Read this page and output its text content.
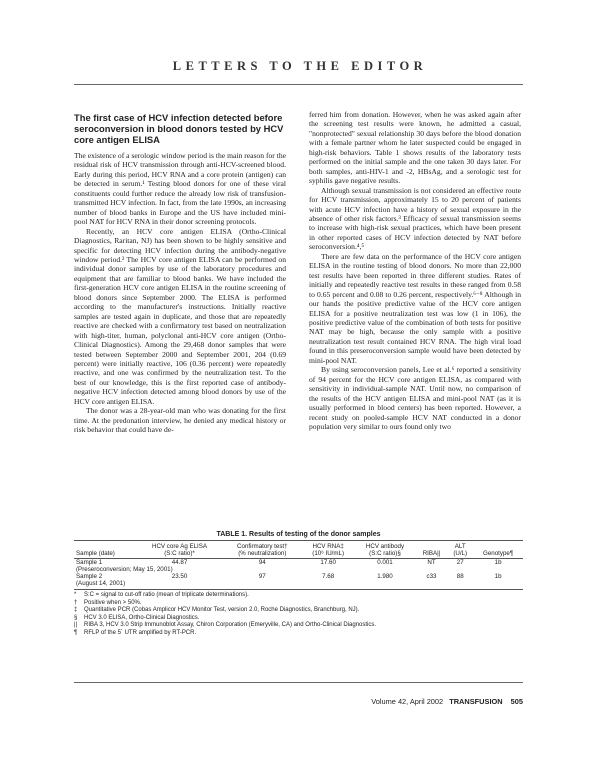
LETTERS TO THE EDITOR
The first case of HCV infection detected before seroconversion in blood donors tested by HCV core antigen ELISA

The existence of a serologic window period is the main reason for the residual risk of HCV transmission through anti-HCV-screened blood. Early during this period, HCV RNA and a core protein (antigen) can be detected in serum.¹ Testing blood donors for one of these viral constituents could further reduce the already low risk of transfusion-transmitted HCV infection. In fact, from the late 1990s, an increasing number of blood banks in Europe and the US have included mini-pool NAT for HCV RNA in their donor screening protocols.

Recently, an HCV core antigen ELISA (Ortho-Clinical Diagnostics, Raritan, NJ) has been shown to be highly sensitive and specific for detecting HCV infection during the antibody-negative window period.² The HCV core antigen ELISA can be performed on individual donor samples by use of the laboratory procedures and equipment that are familiar to blood banks. We have included the first-generation HCV core antigen ELISA in the routine screening of blood donors since September 2000. The ELISA is performed according to the manufacturer's instructions. Initially reactive samples are tested again in duplicate, and those that are repeatedly reactive are checked with a confirmatory test based on neutralization with high-titer, human, polyclonal anti-HCV core antigen (Ortho-Clinical Diagnostics). Among the 29,468 donor samples that were tested between September 2000 and September 2001, 204 (0.69 percent) were initially reactive, 106 (0.36 percent) were repeatedly reactive, and one was confirmed by the neutralization test. To the best of our knowledge, this is the first reported case of antibody-negative HCV infection detected among blood donors by use of the HCV core antigen ELISA.

The donor was a 28-year-old man who was donating for the first time. At the predonation interview, he denied any medical history or risk behavior that could have de-

ferred him from donation. However, when he was asked again after the screening test results were known, he admitted a casual, "nonprotected" sexual relationship 30 days before the blood donation with a female partner whom he later suspected could be engaged in high-risk behaviors. Table 1 shows results of the laboratory tests performed on the initial sample and the one taken 30 days later. For both samples, anti-HIV-1 and -2, HBsAg, and a serologic test for syphilis gave negative results.

Although sexual transmission is not considered an effective route for HCV transmission, approximately 15 to 20 percent of patients with acute HCV infection have a history of sexual exposure in the absence of other risk factors.³ Efficacy of sexual transmission seems to increase with high-risk sexual practices, which have been present in other reported cases of HCV infection detected by NAT before seroconversion.⁴,⁵

There are few data on the performance of the HCV core antigen ELISA in the routine testing of blood donors. No more than 22,000 test results have been reported in three different studies. Rates of initially and repeatedly reactive test results in these ranged from 0.58 to 0.65 percent and 0.08 to 0.26 percent, respectively.⁶⁻⁸ Although in our hands the positive predictive value of the HCV core antigen ELISA for a positive neutralization test was low (1 in 106), the positive predictive value of the combination of both tests for positive NAT may be high, because the only sample with a positive neutralization test result contained HCV RNA. The high viral load found in this preseroconversion sample would have been detected by mini-pool NAT.

By using seroconversion panels, Lee et al.⁶ reported a sensitivity of 94 percent for the HCV core antigen ELISA, as compared with sensitivity in individual-sample NAT. Until now, no comparison of the results of the HCV antigen ELISA and mini-pool NAT (as it is usually performed in blood centers) has been reported. However, a recent study on pooled-sample HCV NAT conducted in a donor population very similar to ours found only two

TABLE 1. Results of testing of the donor samples
	HCV core Ag ELISA	Confirmatory test†	HCV RNA‡	HCV antibody		ALT	
Sample (date)	(S:C ratio)*	(% neutralization)	(10⁶ IU/mL)	(S:C ratio)§	RIBA||	(U/L)	Genotype¶
Sample 1	44.87	94	17.60	0.001	NT	27	1b
(Preseroconversion; May 15, 2001)							
Sample 2	23.50	97	7.68	1.980	c33	88	1b
(August 14, 2001)							
*	S:C = signal to cut-off ratio (mean of triplicate determinations).
†	Positive when > 50%.
‡	Quantitative PCR (Cobas Amplicor HCV Monitor Test, version 2.0, Roche Diagnostics, Branchburg, NJ).
§	HCV 3.0 ELISA, Ortho-Clinical Diagnostics.
||	RIBA 3, HCV 3.0 Strip Immunoblot Assay, Chiron Corporation (Emeryville, CA) and Ortho-Clinical Diagnostics.
¶	RFLP of the 5´ UTR amplified by RT-PCR.
Volume 42, April 2002 TRANSFUSION 505
